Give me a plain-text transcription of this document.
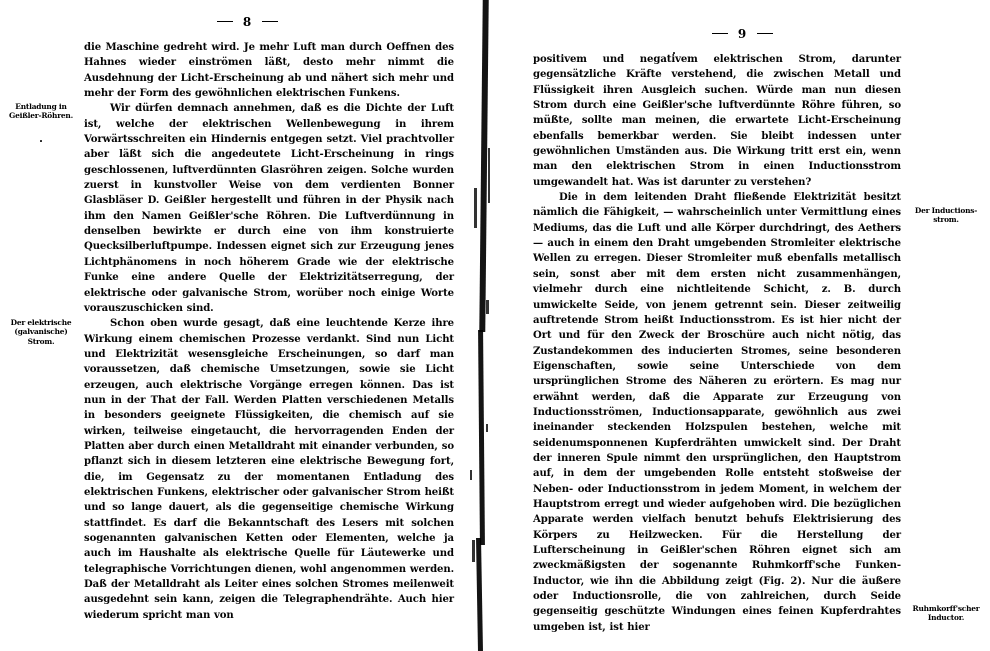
8
Entladung in
Geißler-Röhren.
Der elektrische
(galvanische)
Strom.

die Maschine gedreht wird. Je mehr Luft man durch Oeffnen des Hahnes wieder einströmen läßt, desto mehr nimmt die Ausdehnung der Licht-Erscheinung ab und nähert sich mehr und mehr der Form des gewöhnlichen elektrischen Funkens.

Wir dürfen demnach annehmen, daß es die Dichte der Luft ist, welche der elektrischen Wellenbewegung in ihrem Vorwärtsschreiten ein Hindernis entgegen setzt. Viel prachtvoller aber läßt sich die angedeutete Licht-Erscheinung in rings geschlossenen, luftverdünnten Glasröhren zeigen. Solche wurden zuerst in kunstvoller Weise von dem verdienten Bonner Glasbläser D. Geißler hergestellt und führen in der Physik nach ihm den Namen Geißler'sche Röhren. Die Luftverdünnung in denselben bewirkte er durch eine von ihm konstruierte Quecksilberluftpumpe. Indessen eignet sich zur Erzeugung jenes Lichtphänomens in noch höherem Grade wie der elektrische Funke eine andere Quelle der Elektrizitätserregung, der elektrische oder galvanische Strom, worüber noch einige Worte vorauszuschicken sind.

Schon oben wurde gesagt, daß eine leuchtende Kerze ihre Wirkung einem chemischen Prozesse verdankt. Sind nun Licht und Elektrizität wesensgleiche Erscheinungen, so darf man voraussetzen, daß chemische Umsetzungen, sowie sie Licht erzeugen, auch elektrische Vorgänge erregen können. Das ist nun in der That der Fall. Werden Platten verschiedenen Metalls in besonders geeignete Flüssigkeiten, die chemisch auf sie wirken, teilweise eingetaucht, die hervorragenden Enden der Platten aber durch einen Metalldraht mit einander verbunden, so pflanzt sich in diesem letzteren eine elektrische Bewegung fort, die, im Gegensatz zu der momentanen Entladung des elektrischen Funkens, elektrischer oder galvanischer Strom heißt und so lange dauert, als die gegenseitige chemische Wirkung stattfindet. Es darf die Bekanntschaft des Lesers mit solchen sogenannten galvanischen Ketten oder Elementen, welche ja auch im Haushalte als elektrische Quelle für Läutewerke und telegraphische Vorrichtungen dienen, wohl angenommen werden. Daß der Metalldraht als Leiter eines solchen Stromes meilenweit ausgedehnt sein kann, zeigen die Telegraphendrähte. Auch hier wiederum spricht man von

9
Der Inductions-
strom.
Ruhmkorff'scher
Inductor.

positivem und negativem elektrischen Strom, darunter gegensätzliche Kräfte verstehend, die zwischen Metall und Flüssigkeit ihren Ausgleich suchen. Würde man nun diesen Strom durch eine Geißler'sche luftverdünnte Röhre führen, so müßte, sollte man meinen, die erwartete Licht-Erscheinung ebenfalls bemerkbar werden. Sie bleibt indessen unter gewöhnlichen Umständen aus. Die Wirkung tritt erst ein, wenn man den elektrischen Strom in einen Inductionsstrom umgewandelt hat. Was ist darunter zu verstehen?

Die in dem leitenden Draht fließende Elektrizität besitzt nämlich die Fähigkeit, — wahrscheinlich unter Vermittlung eines Mediums, das die Luft und alle Körper durchdringt, des Aethers — auch in einem den Draht umgebenden Stromleiter elektrische Wellen zu erregen. Dieser Stromleiter muß ebenfalls metallisch sein, sonst aber mit dem ersten nicht zusammenhängen, vielmehr durch eine nichtleitende Schicht, z. B. durch umwickelte Seide, von jenem getrennt sein. Dieser zeitweilig auftretende Strom heißt Inductionsstrom. Es ist hier nicht der Ort und für den Zweck der Broschüre auch nicht nötig, das Zustandekommen des inducierten Stromes, seine besonderen Eigenschaften, sowie seine Unterschiede von dem ursprünglichen Strome des Näheren zu erörtern. Es mag nur erwähnt werden, daß die Apparate zur Erzeugung von Inductionsströmen, Inductionsapparate, gewöhnlich aus zwei ineinander steckenden Holzspulen bestehen, welche mit seidenumsponnenen Kupferdrähten umwickelt sind. Der Draht der inneren Spule nimmt den ursprünglichen, den Hauptstrom auf, in dem der umgebenden Rolle entsteht stoßweise der Neben- oder Inductionsstrom in jedem Moment, in welchem der Hauptstrom erregt und wieder aufgehoben wird. Die bezüglichen Apparate werden vielfach benutzt behufs Elektrisierung des Körpers zu Heilzwecken. Für die Herstellung der Lufterscheinung in Geißler'schen Röhren eignet sich am zweckmäßigsten der sogenannte Ruhmkorff'sche Funken-Inductor, wie ihn die Abbildung zeigt (Fig. 2). Nur die äußere oder Inductionsrolle, die von zahlreichen, durch Seide gegenseitig geschützte Windungen eines feinen Kupferdrahtes umgeben ist, ist hier
